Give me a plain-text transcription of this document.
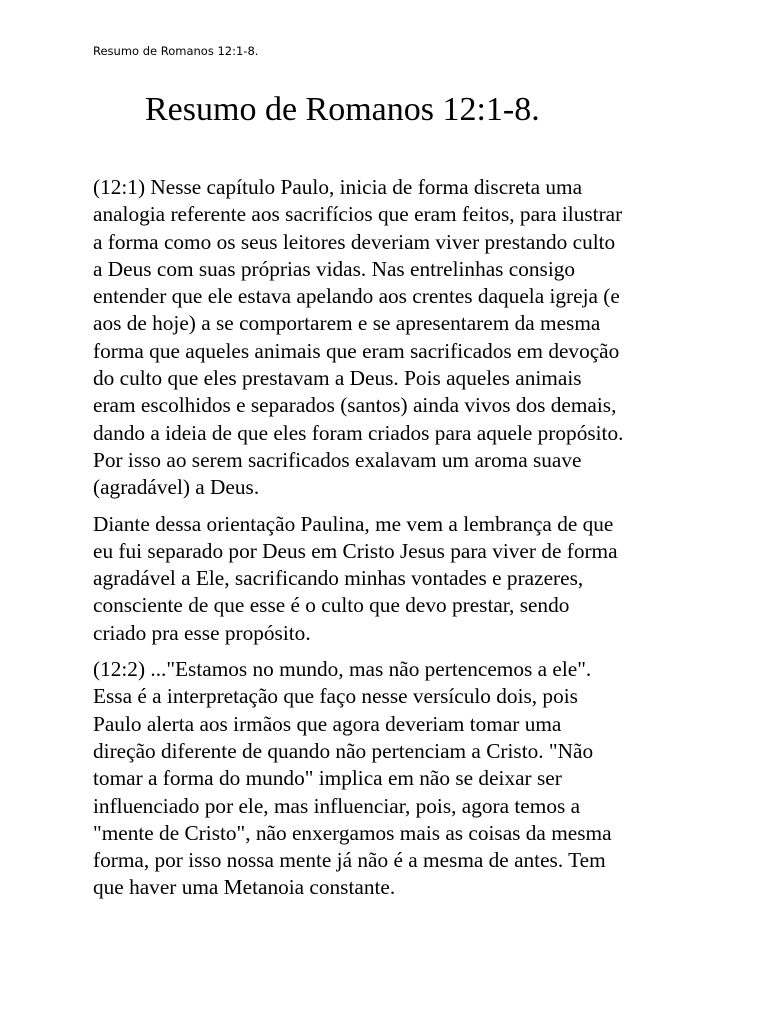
Resumo de Romanos 12:1-8.
Resumo de Romanos 12:1-8.

(12:1) Nesse capítulo Paulo, inicia de forma discreta uma
analogia referente aos sacrifícios que eram feitos, para ilustrar
a forma como os seus leitores deveriam viver prestando culto
a Deus com suas próprias vidas. Nas entrelinhas consigo
entender que ele estava apelando aos crentes daquela igreja (e
aos de hoje) a se comportarem e se apresentarem da mesma
forma que aqueles animais que eram sacrificados em devoção
do culto que eles prestavam a Deus. Pois aqueles animais
eram escolhidos e separados (santos) ainda vivos dos demais,
dando a ideia de que eles foram criados para aquele propósito.
Por isso ao serem sacrificados exalavam um aroma suave
(agradável) a Deus.

Diante dessa orientação Paulina, me vem a lembrança de que
eu fui separado por Deus em Cristo Jesus para viver de forma
agradável a Ele, sacrificando minhas vontades e prazeres,
consciente de que esse é o culto que devo prestar, sendo
criado pra esse propósito.

(12:2) ..."Estamos no mundo, mas não pertencemos a ele".
Essa é a interpretação que faço nesse versículo dois, pois
Paulo alerta aos irmãos que agora deveriam tomar uma
direção diferente de quando não pertenciam a Cristo. "Não
tomar a forma do mundo" implica em não se deixar ser
influenciado por ele, mas influenciar, pois, agora temos a
"mente de Cristo", não enxergamos mais as coisas da mesma
forma, por isso nossa mente já não é a mesma de antes. Tem
que haver uma Metanoia constante.
